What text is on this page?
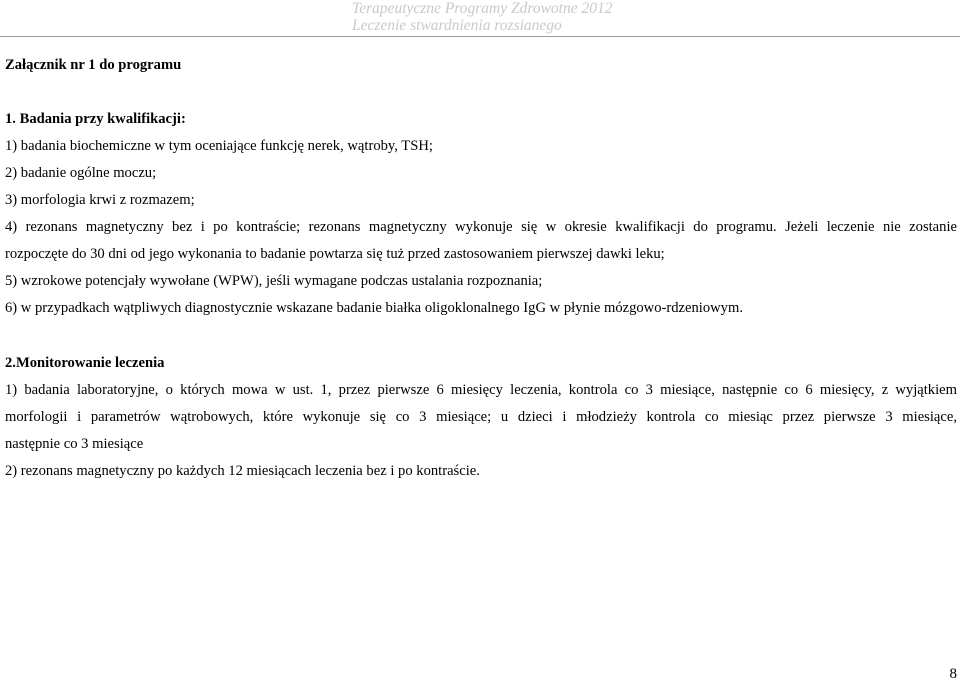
Terapeutyczne Programy Zdrowotne 2012
Leczenie stwardnienia rozsianego
Załącznik nr 1 do programu
1. Badania przy kwalifikacji:
1) badania biochemiczne w tym oceniające funkcję nerek, wątroby, TSH;
2) badanie ogólne moczu;
3) morfologia krwi z rozmazem;
4) rezonans magnetyczny bez i po kontraście; rezonans magnetyczny wykonuje się w okresie kwalifikacji do programu. Jeżeli leczenie nie zostanie
rozpoczęte do 30 dni od jego wykonania to badanie powtarza się tuż przed zastosowaniem pierwszej dawki leku;
5) wzrokowe potencjały wywołane (WPW), jeśli wymagane podczas ustalania rozpoznania;
6) w przypadkach wątpliwych diagnostycznie wskazane badanie białka oligoklonalnego IgG w płynie mózgowo-rdzeniowym.
2.Monitorowanie leczenia
1) badania laboratoryjne, o których mowa w ust. 1, przez pierwsze 6 miesięcy leczenia, kontrola co 3 miesiące, następnie co 6 miesięcy, z wyjątkiem
morfologii i parametrów wątrobowych, które wykonuje się co 3 miesiące; u dzieci i młodzieży kontrola co miesiąc przez pierwsze 3 miesiące,
następnie co 3 miesiące
2) rezonans magnetyczny po każdych 12 miesiącach leczenia bez i po kontraście.
8
